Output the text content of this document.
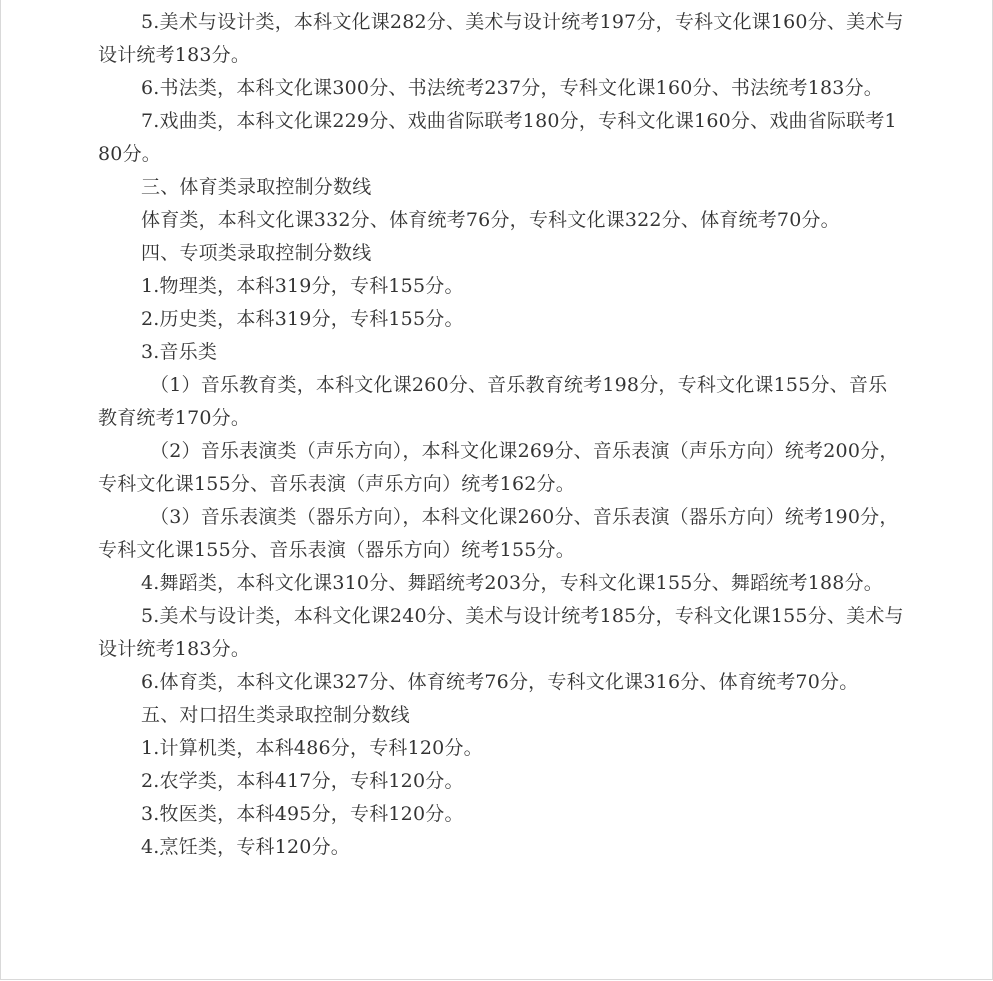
5.美术与设计类，本科文化课282分、美术与设计统考197分，专科文化课160分、美术与设计统考183分。

6.书法类，本科文化课300分、书法统考237分，专科文化课160分、书法统考183分。

7.戏曲类，本科文化课229分、戏曲省际联考180分，专科文化课160分、戏曲省际联考180分。

三、体育类录取控制分数线

体育类，本科文化课332分、体育统考76分，专科文化课322分、体育统考70分。

四、专项类录取控制分数线

1.物理类，本科319分，专科155分。

2.历史类，本科319分，专科155分。

3.音乐类

（1）音乐教育类，本科文化课260分、音乐教育统考198分，专科文化课155分、音乐教育统考170分。

（2）音乐表演类（声乐方向），本科文化课269分、音乐表演（声乐方向）统考200分，专科文化课155分、音乐表演（声乐方向）统考162分。

（3）音乐表演类（器乐方向），本科文化课260分、音乐表演（器乐方向）统考190分，专科文化课155分、音乐表演（器乐方向）统考155分。

4.舞蹈类，本科文化课310分、舞蹈统考203分，专科文化课155分、舞蹈统考188分。

5.美术与设计类，本科文化课240分、美术与设计统考185分，专科文化课155分、美术与设计统考183分。

6.体育类，本科文化课327分、体育统考76分，专科文化课316分、体育统考70分。

五、对口招生类录取控制分数线

1.计算机类，本科486分，专科120分。

2.农学类，本科417分，专科120分。

3.牧医类，本科495分，专科120分。

4.烹饪类，专科120分。
